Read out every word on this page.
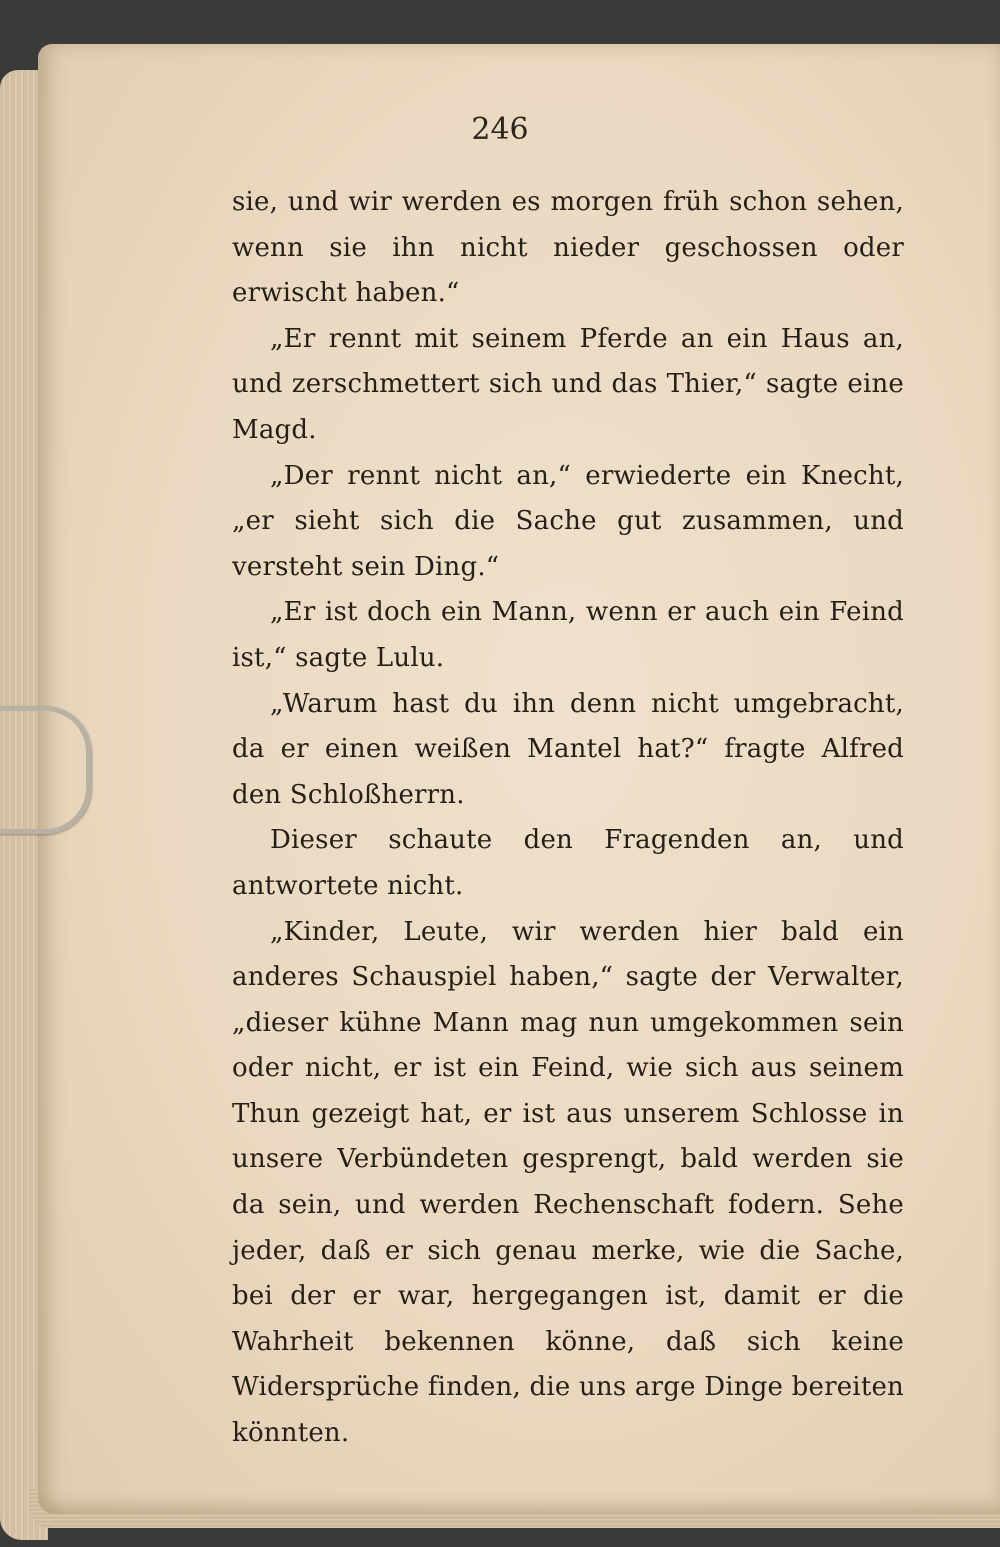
246

sie, und wir werden es morgen früh schon sehen, wenn sie ihn nicht nieder geschossen oder erwischt haben.“

„Er rennt mit seinem Pferde an ein Haus an, und zerschmettert sich und das Thier,“ sagte eine Magd.

„Der rennt nicht an,“ erwiederte ein Knecht, „er sieht sich die Sache gut zusammen, und versteht sein Ding.“

„Er ist doch ein Mann, wenn er auch ein Feind ist,“ sagte Lulu.

„Warum hast du ihn denn nicht umgebracht, da er einen weißen Mantel hat?“ fragte Alfred den Schloßherrn.

Dieser schaute den Fragenden an, und antwortete nicht.

„Kinder, Leute, wir werden hier bald ein anderes Schauspiel haben,“ sagte der Verwalter, „dieser kühne Mann mag nun umgekommen sein oder nicht, er ist ein Feind, wie sich aus seinem Thun gezeigt hat, er ist aus unserem Schlosse in unsere Verbündeten gesprengt, bald werden sie da sein, und werden Rechenschaft fodern. Sehe jeder, daß er sich genau merke, wie die Sache, bei der er war, hergegangen ist, damit er die Wahrheit bekennen könne, daß sich keine Widersprüche finden, die uns arge Dinge bereiten könnten.
